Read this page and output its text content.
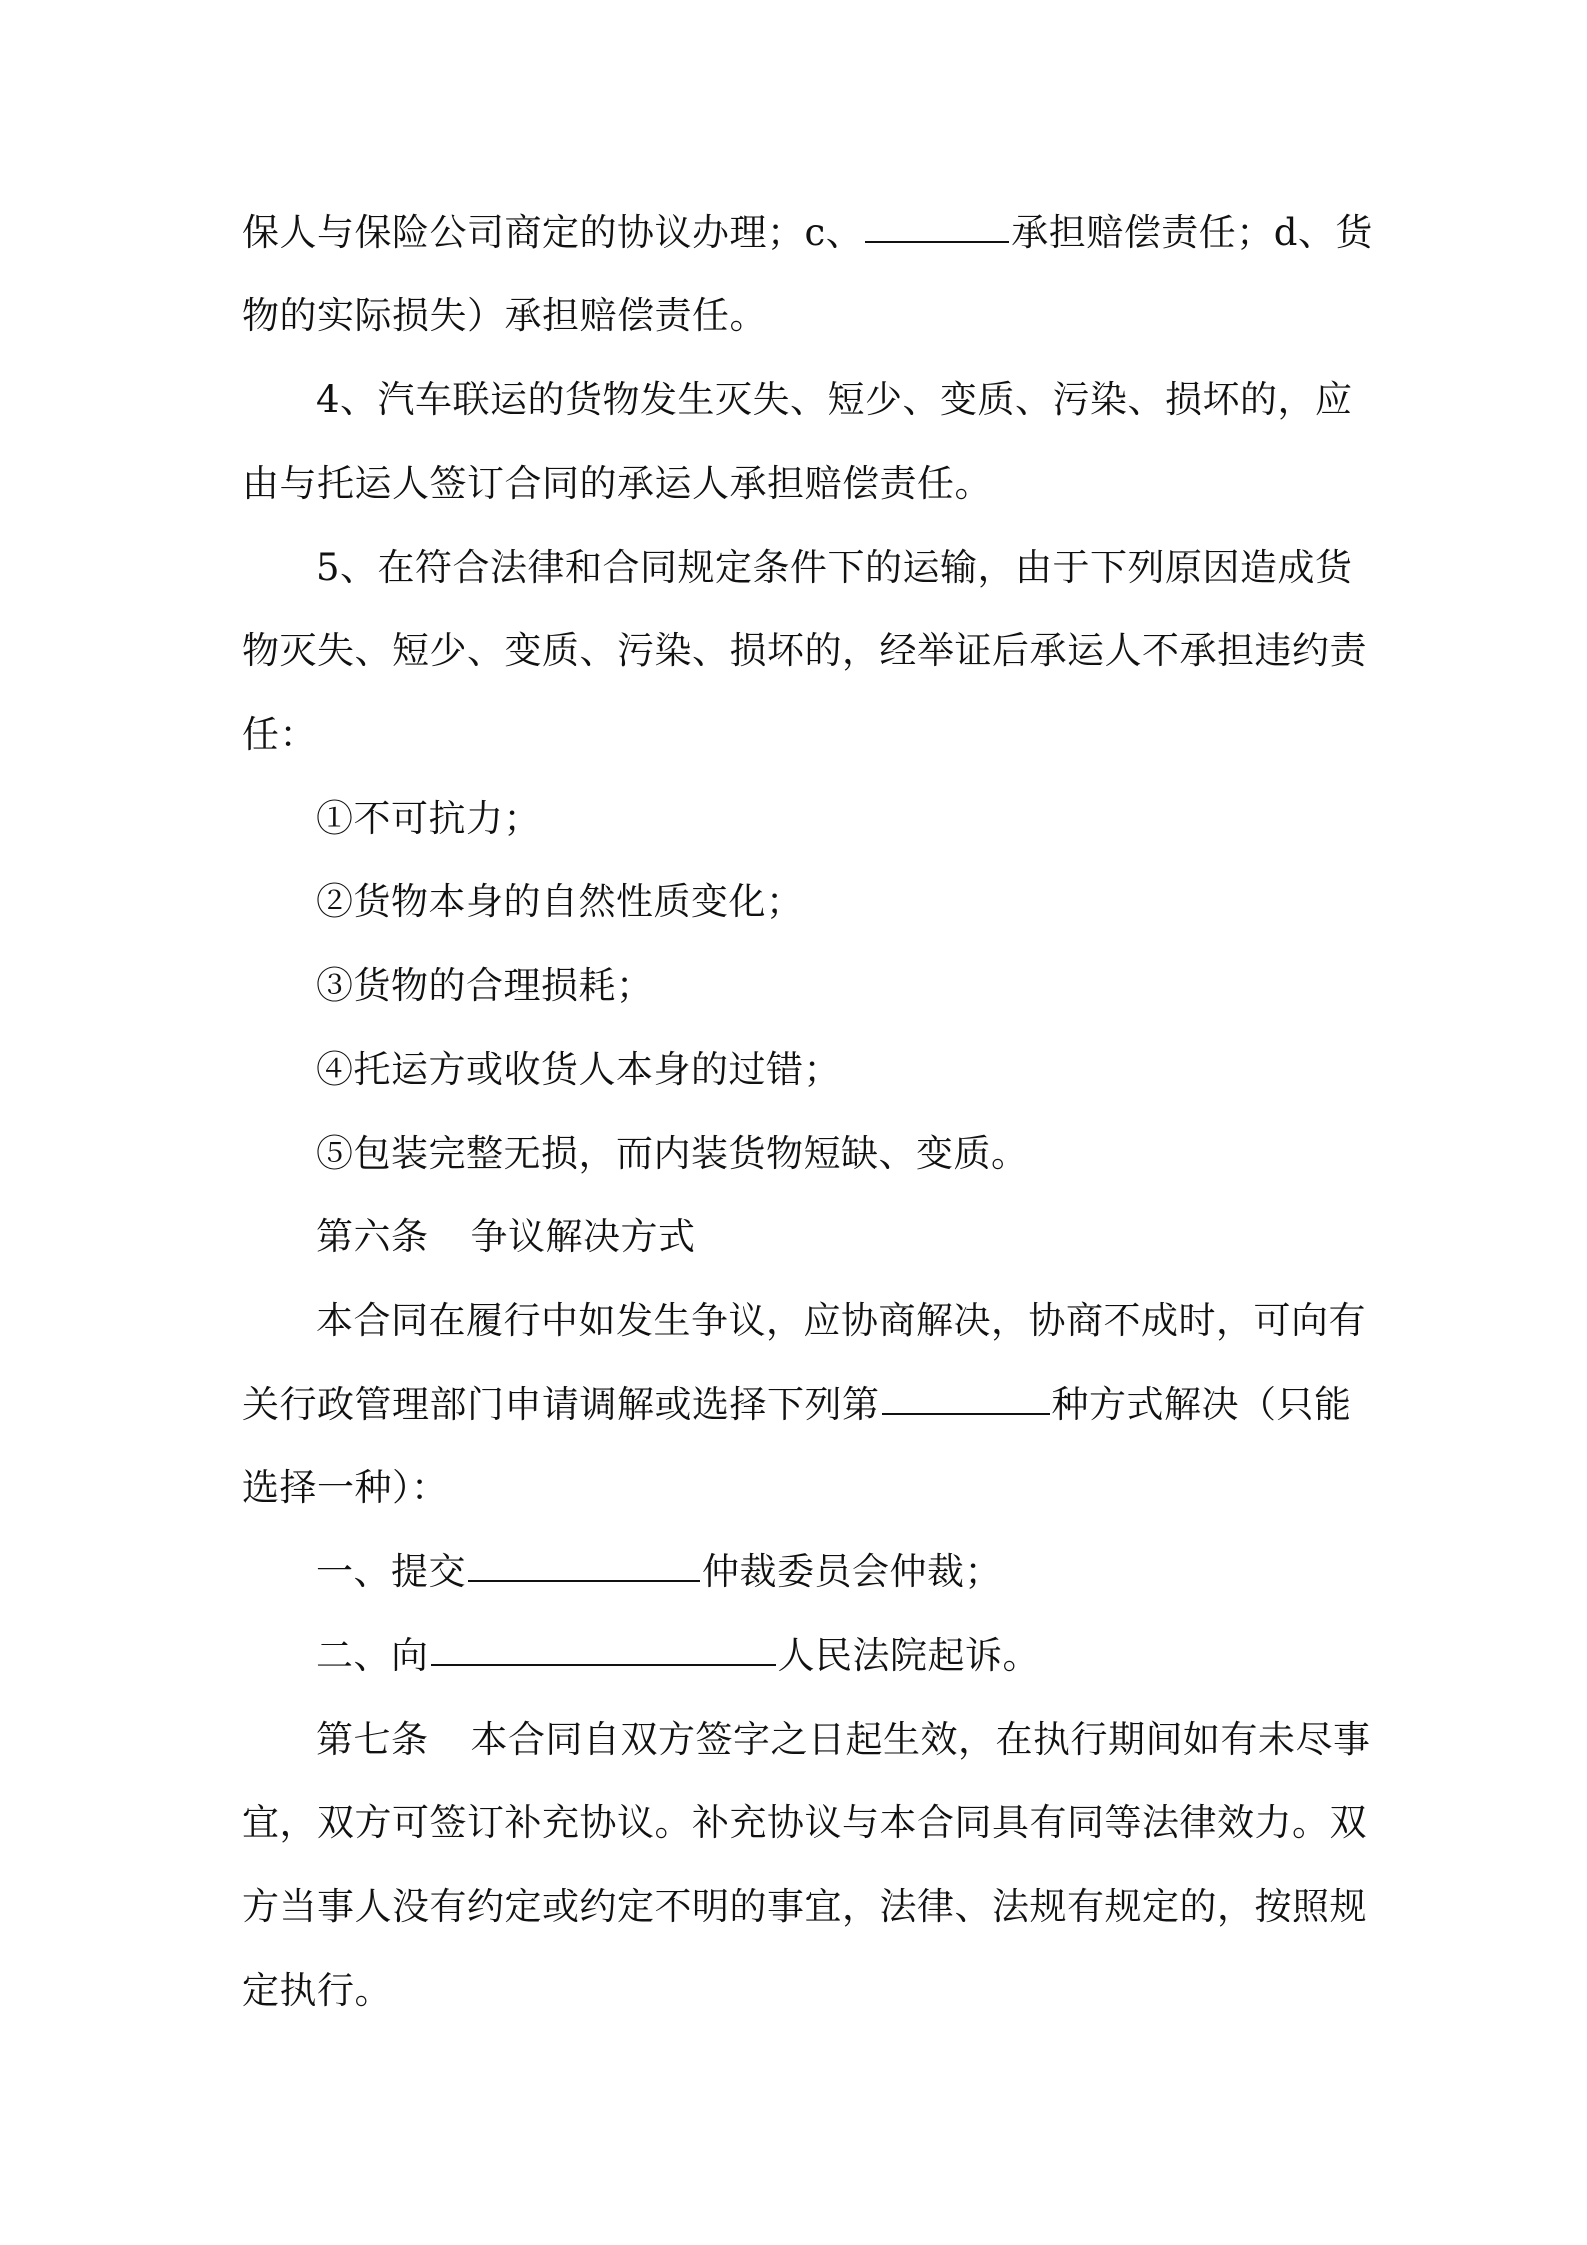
保人与保险公司商定的协议办理；c、	承担赔偿责任；d、货
物的实际损失）承担赔偿责任。
4、汽车联运的货物发生灭失、短少、变质、污染、损坏的，应
由与托运人签订合同的承运人承担赔偿责任。
5、在符合法律和合同规定条件下的运输，由于下列原因造成货
物灭失、短少、变质、污染、损坏的，经举证后承运人不承担违约责
任：
①不可抗力；
②货物本身的自然性质变化；
③货物的合理损耗；
④托运方或收货人本身的过错；
⑤包装完整无损，而内装货物短缺、变质。
第六条 争议解决方式
本合同在履行中如发生争议，应协商解决，协商不成时，可向有
关行政管理部门申请调解或选择下列第	种方式解决（只能
选择一种）：
一、提交	仲裁委员会仲裁；
二、向	人民法院起诉。
第七条 本合同自双方签字之日起生效，在执行期间如有未尽事
宜，双方可签订补充协议。补充协议与本合同具有同等法律效力。双
方当事人没有约定或约定不明的事宜，法律、法规有规定的，按照规
定执行。
